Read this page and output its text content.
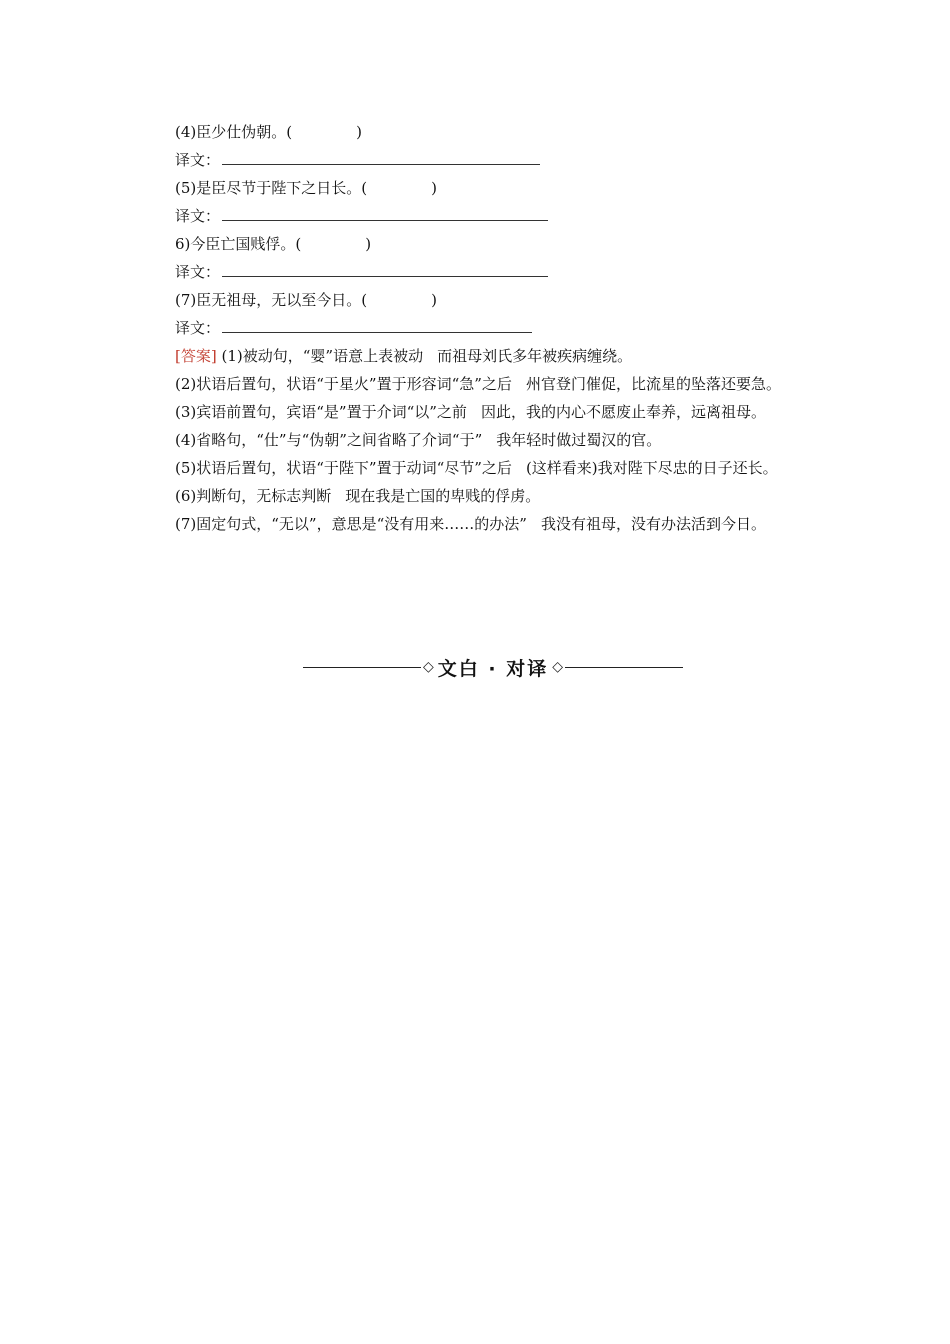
(4)臣少仕伪朝。(	)
译文：
(5)是臣尽节于陛下之日长。(	)
译文：
6)今臣亡国贱俘。(	)
译文：
(7)臣无祖母，无以至今日。(	)
译文：

[答案] (1)被动句，“婴”语意上表被动 而祖母刘氏多年被疾病缠绕。

(2)状语后置句，状语“于星火”置于形容词“急”之后 州官登门催促，比流星的坠落还要急。

(3)宾语前置句，宾语“是”置于介词“以”之前 因此，我的内心不愿废止奉养，远离祖母。

(4)省略句，“仕”与“伪朝”之间省略了介词“于” 我年轻时做过蜀汉的官。

(5)状语后置句，状语“于陛下”置于动词“尽节”之后 (这样看来)我对陛下尽忠的日子还长。

(6)判断句，无标志判断 现在我是亡国的卑贱的俘虏。

(7)固定句式，“无以”，意思是“没有用来……的办法” 我没有祖母，没有办法活到今日。

◇ 文白 · 对译 ◇
